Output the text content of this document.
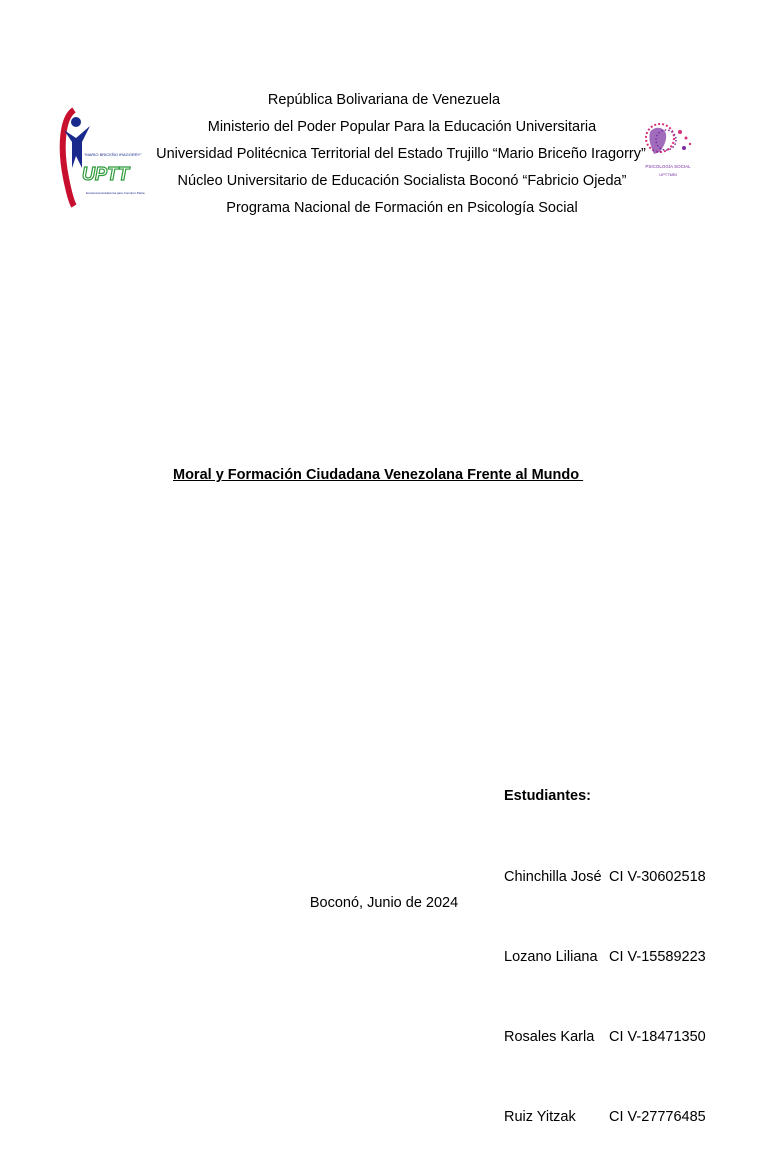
"MARIO BRICEÑO IRAGORRY"
UPTT
Excelencia Académica para Construir Patria
PSICOLOGÍA SOCIAL
UPTTMBI
República Bolivariana de Venezuela
Ministerio del Poder Popular Para la Educación Universitaria
Universidad Politécnica Territorial del Estado Trujillo “Mario Briceño Iragorry”
Núcleo Universitario de Educación Socialista Boconó “Fabricio Ojeda”
Programa Nacional de Formación en Psicología Social
Moral y Formación Ciudadana Venezolana Frente al Mundo

Estudiantes:

Chinchilla José CI V-30602518

Lozano Liliana CI V-15589223

Rosales Karla	CI V-18471350

Ruiz Yitzak	CI V-27776485

Boconó, Junio de 2024
